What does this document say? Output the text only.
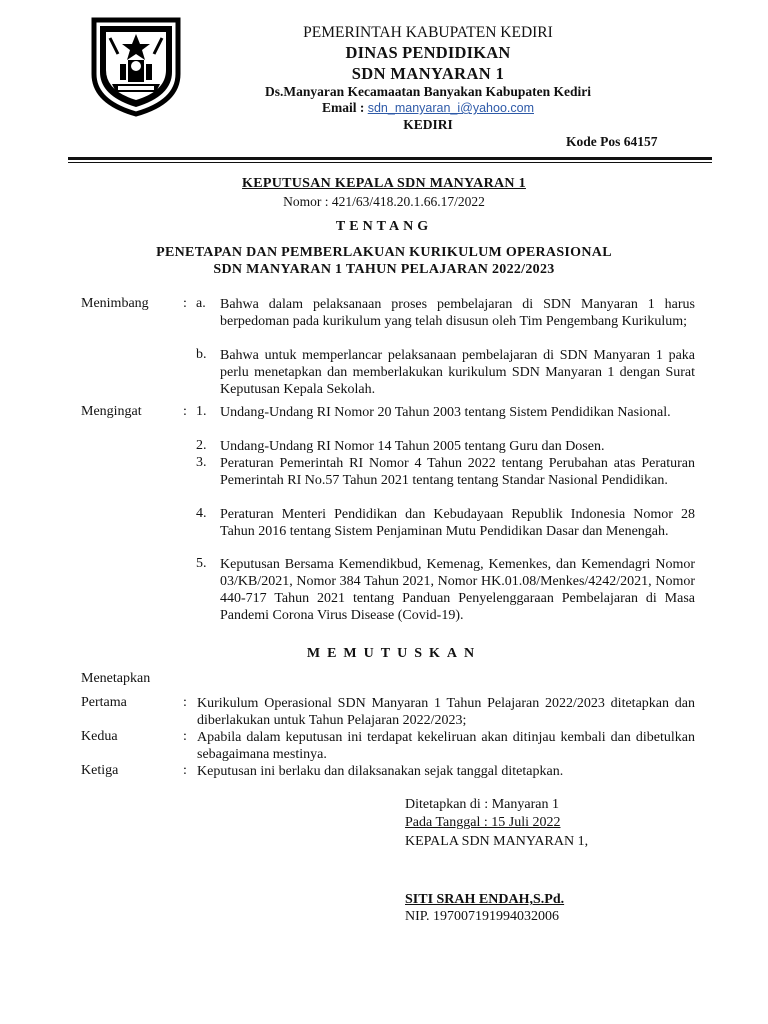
PEMERINTAH KABUPATEN KEDIRI
DINAS PENDIDIKAN
SDN MANYARAN 1
Ds.Manyaran Kecamaatan Banyakan Kabupaten Kediri
Email : sdn_manyaran_i@yahoo.com
KEDIRI
Kode Pos 64157
KEPUTUSAN KEPALA SDN MANYARAN 1
Nomor : 421/63/418.20.1.66.17/2022
TENTANG
PENETAPAN DAN PEMBERLAKUAN KURIKULUM OPERASIONAL
SDN MANYARAN 1 TAHUN PELAJARAN 2022/2023
Menimbang : a. Bahwa dalam pelaksanaan proses pembelajaran di SDN Manyaran 1 harus berpedoman pada kurikulum yang telah disusun oleh Tim Pengembang Kurikulum;
b. Bahwa untuk memperlancar pelaksanaan pembelajaran di SDN Manyaran 1 paka perlu menetapkan dan memberlakukan kurikulum SDN Manyaran 1 dengan Surat Keputusan Kepala Sekolah.
Mengingat	: 1. Undang-Undang RI Nomor 20 Tahun 2003 tentang Sistem Pendidikan Nasional.
2. Undang-Undang RI Nomor 14 Tahun 2005 tentang Guru dan Dosen.
3. Peraturan Pemerintah RI Nomor 4 Tahun 2022 tentang Perubahan atas Peraturan Pemerintah RI No.57 Tahun 2021 tentang tentang Standar Nasional Pendidikan.
4. Peraturan Menteri Pendidikan dan Kebudayaan Republik Indonesia Nomor 28 Tahun 2016 tentang Sistem Penjaminan Mutu Pendidikan Dasar dan Menengah.
5. Keputusan Bersama Kemendikbud, Kemenag, Kemenkes, dan Kemendagri Nomor 03/KB/2021, Nomor 384 Tahun 2021, Nomor HK.01.08/Menkes/4242/2021, Nomor 440-717 Tahun 2021 tentang Panduan Penyelenggaraan Pembelajaran di Masa Pandemi Corona Virus Disease (Covid-19).
MEMUTUSKAN
Menetapkan
Pertama	: Kurikulum Operasional SDN Manyaran 1 Tahun Pelajaran 2022/2023 ditetapkan dan diberlakukan untuk Tahun Pelajaran 2022/2023;
Kedua	: Apabila dalam keputusan ini terdapat kekeliruan akan ditinjau kembali dan dibetulkan sebagaimana mestinya.
Ketiga	: Keputusan ini berlaku dan dilaksanakan sejak tanggal ditetapkan.
Ditetapkan di : Manyaran 1
Pada Tanggal : 15 Juli 2022
KEPALA SDN MANYARAN 1,
SITI SRAH ENDAH,S.Pd.
NIP. 197007191994032006
